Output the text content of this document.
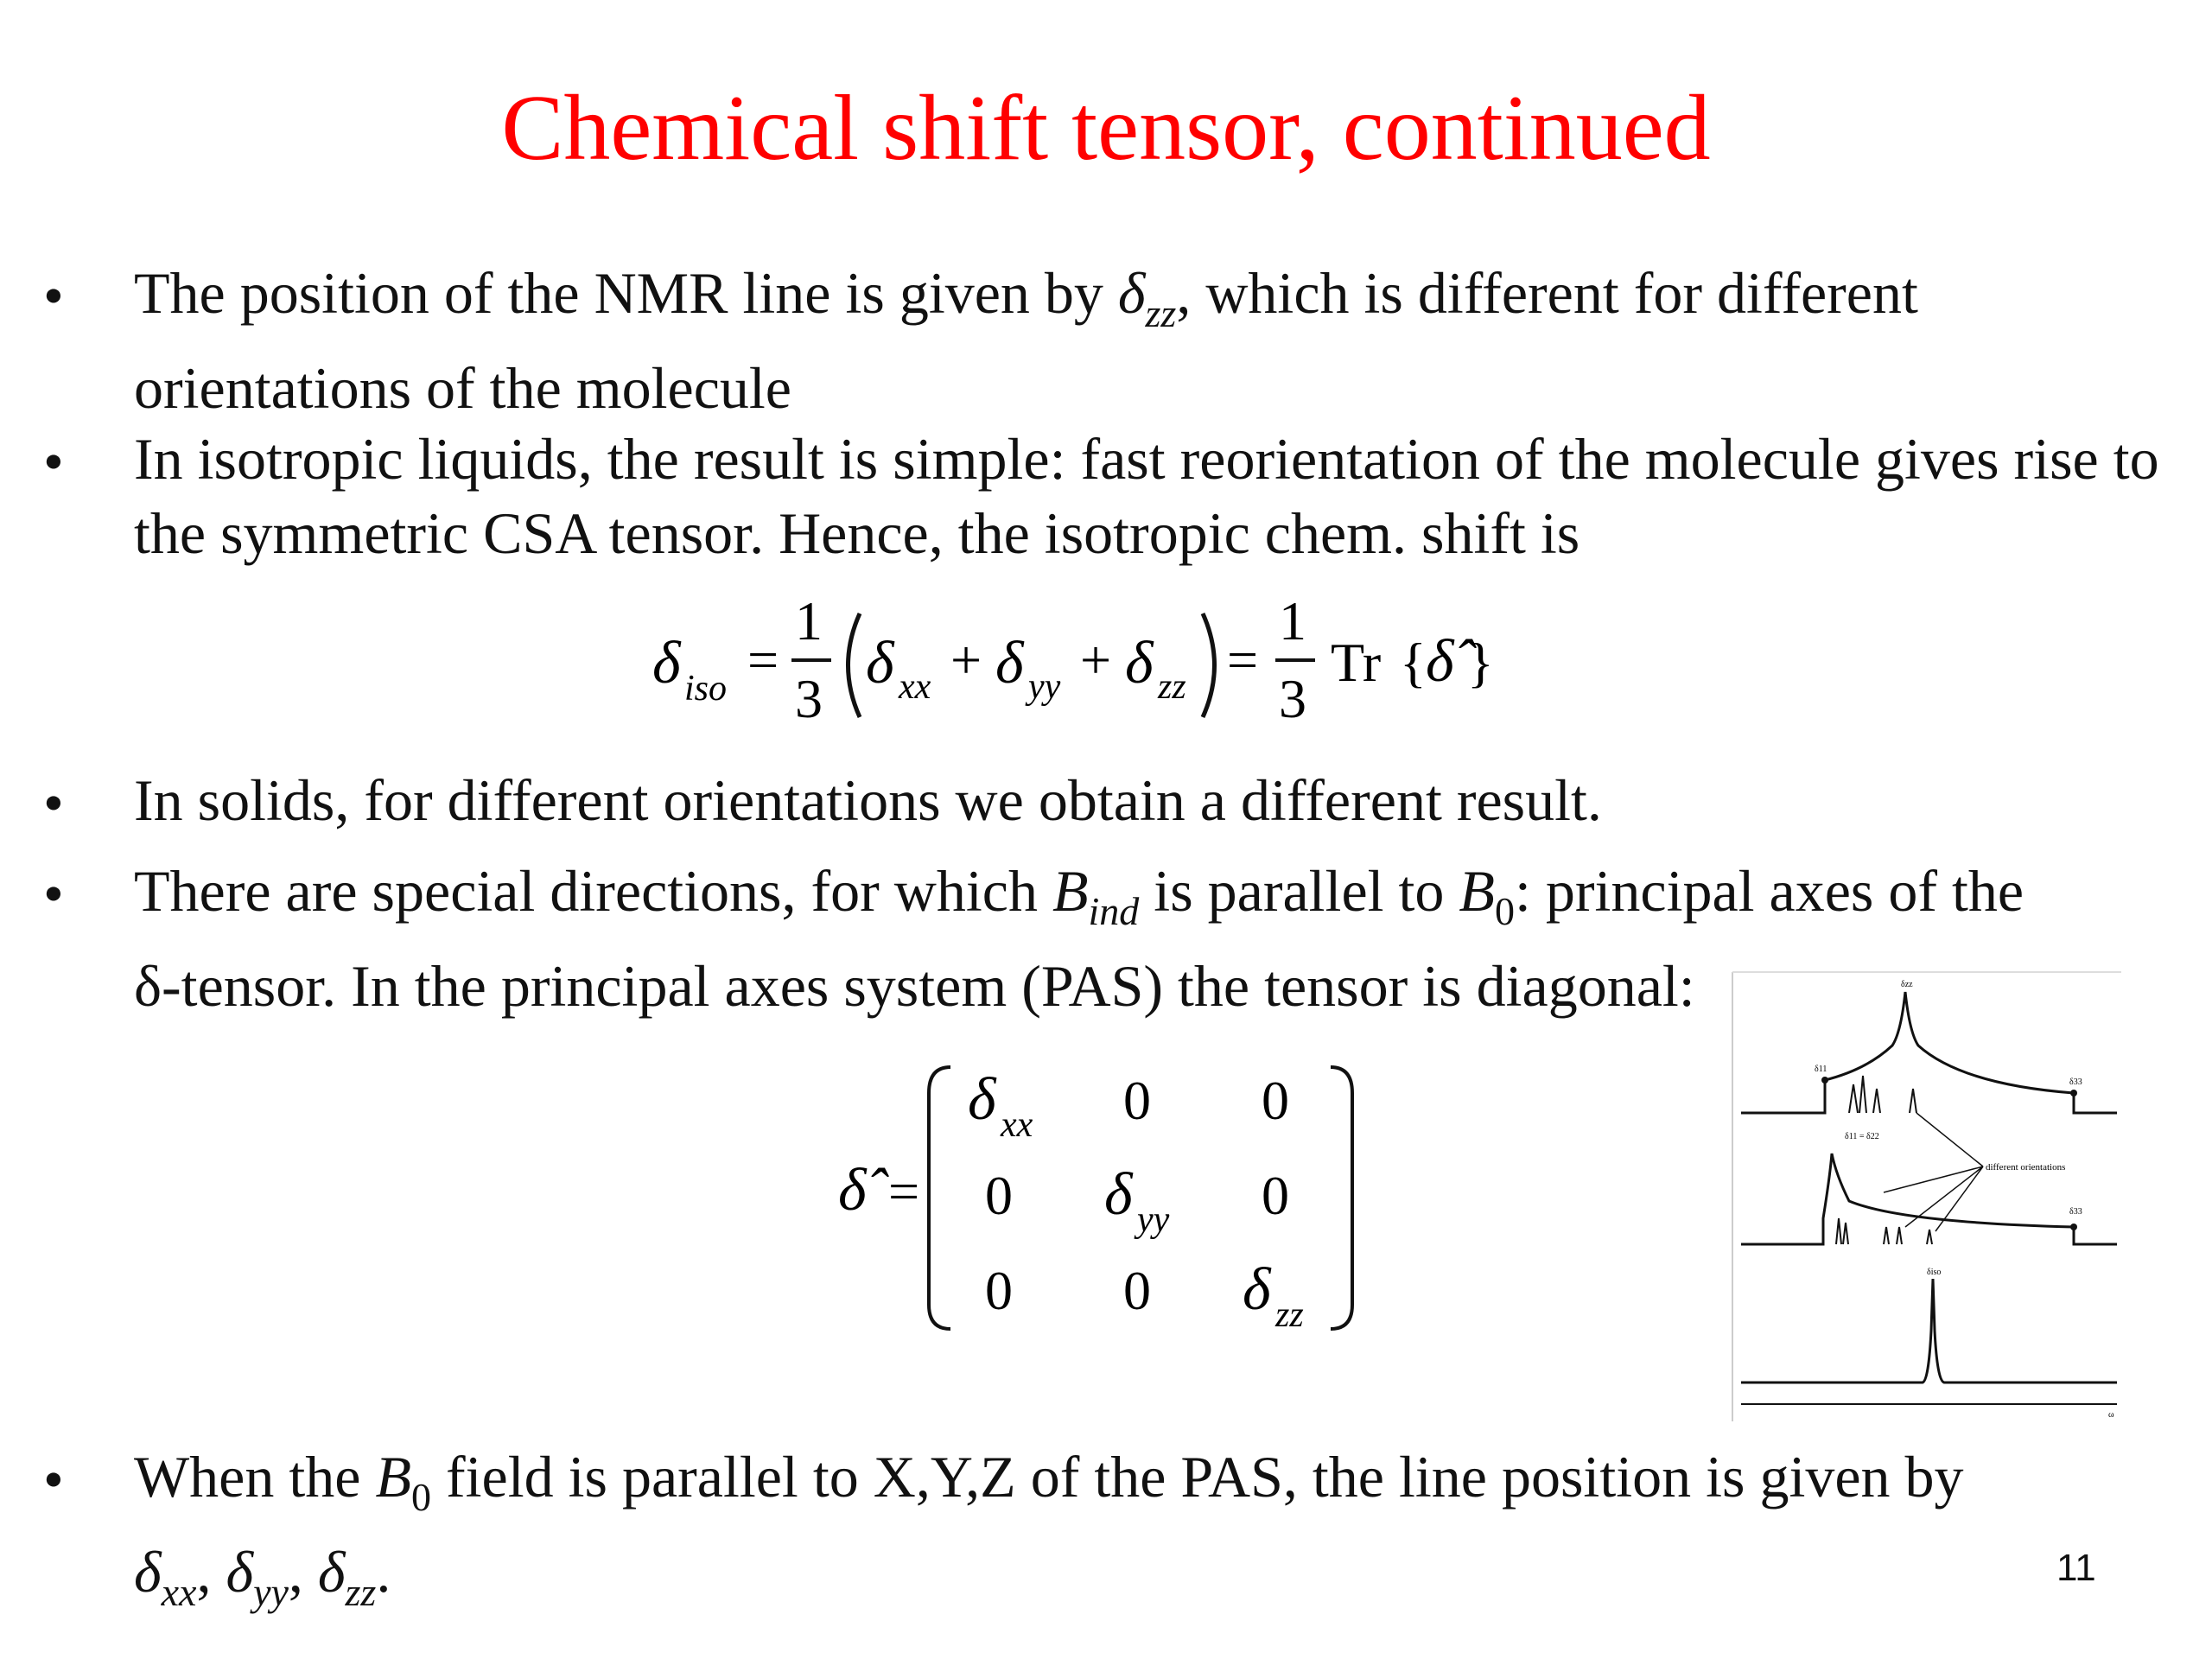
Chemical shift tensor, continued
• The position of the NMR line is given by $\delta_{zz}$, which is different for different orientations of the molecule
• In isotropic liquids, the result is simple: fast reorientation of the molecule gives rise to the symmetric CSA tensor. Hence, the isotropic chem. shift is
δ iso =
1
3
δ xx + δ yy + δ zz =
1
3
Tr { δ̂ }
• In solids, for different orientations we obtain a different result.
• There are special directions, for which $B_{ind}$ is parallel to $B_0$: principal axes of the
δ-tensor. In the principal axes system (PAS) the tensor is diagonal:
δ̂ =
δ xx 0 0
0 δ yy 0
0 0 δ zz
δzz
δ11
δ33
δ11 = δ22
δ33
different orientations
δiso
ω
• When the $B_0$ field is parallel to X,Y,Z of the PAS, the line position is given by
$\delta_{xx}$, $\delta_{yy}$, $\delta_{zz}$.	11
